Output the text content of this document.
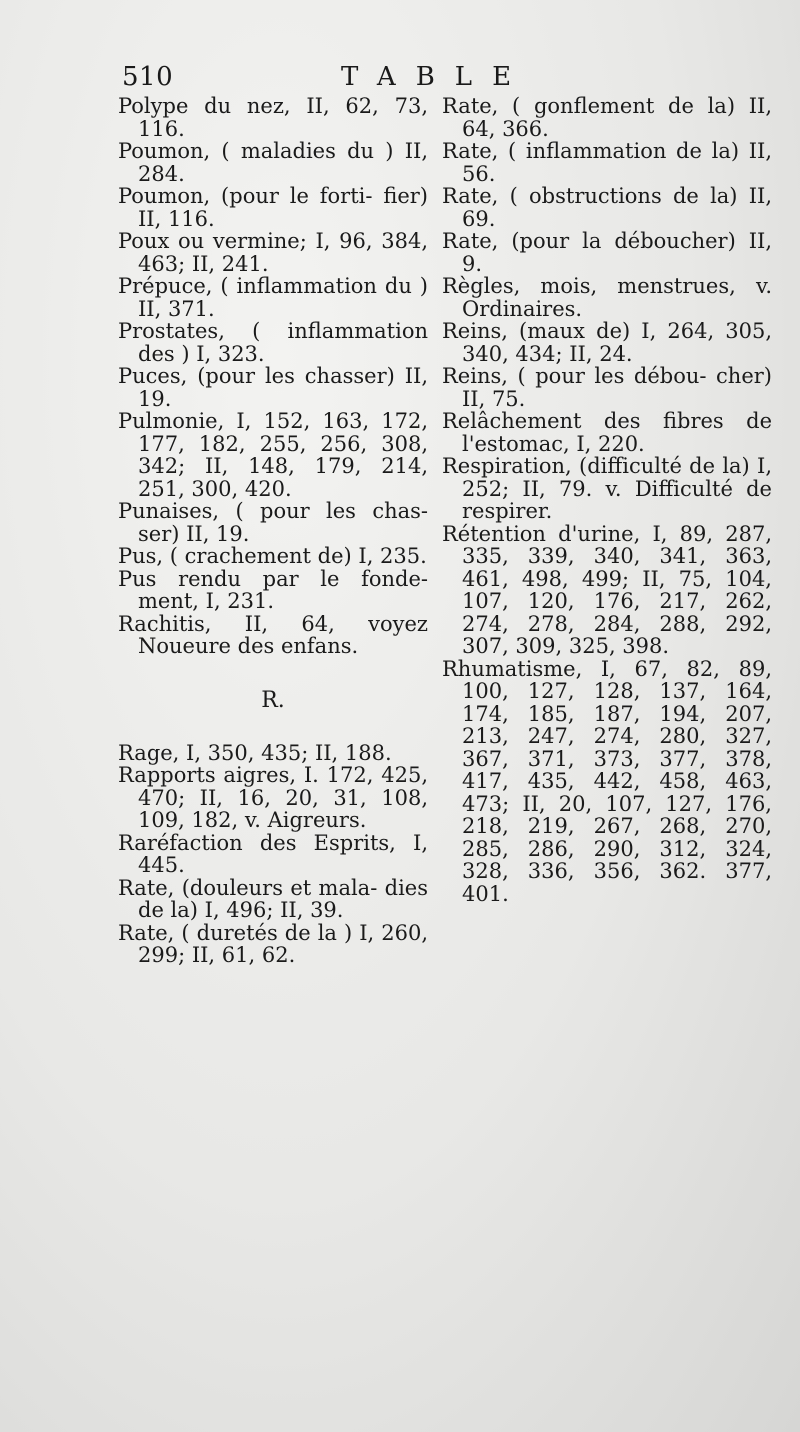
510	TABLE

Polype du nez, II, 62, 73, 116.

Poumon, ( maladies du ) II, 284.

Poumon, (pour le forti- fier) II, 116.

Poux ou vermine; I, 96, 384, 463; II, 241.

Prépuce, ( inflammation du ) II, 371.

Prostates, ( inflammation des ) I, 323.

Puces, (pour les chasser) II, 19.

Pulmonie, I, 152, 163, 172, 177, 182, 255, 256, 308, 342; II, 148, 179, 214, 251, 300, 420.

Punaises, ( pour les chas- ser) II, 19.

Pus, ( crachement de) I, 235.

Pus rendu par le fonde- ment, I, 231.

Rachitis, II, 64, voyez Noueure des enfans.

R.

Rage, I, 350, 435; II, 188.

Rapports aigres, I. 172, 425, 470; II, 16, 20, 31, 108, 109, 182, v. Aigreurs.

Raréfaction des Esprits, I, 445.

Rate, (douleurs et mala- dies de la) I, 496; II, 39.

Rate, ( duretés de la ) I, 260, 299; II, 61, 62.

Rate, ( gonflement de la) II, 64, 366.

Rate, ( inflammation de la) II, 56.

Rate, ( obstructions de la) II, 69.

Rate, (pour la déboucher) II, 9.

Règles, mois, menstrues, v. Ordinaires.

Reins, (maux de) I, 264, 305, 340, 434; II, 24.

Reins, ( pour les débou- cher) II, 75.

Relâchement des fibres de l'estomac, I, 220.

Respiration, (difficulté de la) I, 252; II, 79. v. Difficulté de respirer.

Rétention d'urine, I, 89, 287, 335, 339, 340, 341, 363, 461, 498, 499; II, 75, 104, 107, 120, 176, 217, 262, 274, 278, 284, 288, 292, 307, 309, 325, 398.

Rhumatisme, I, 67, 82, 89, 100, 127, 128, 137, 164, 174, 185, 187, 194, 207, 213, 247, 274, 280, 327, 367, 371, 373, 377, 378, 417, 435, 442, 458, 463, 473; II, 20, 107, 127, 176, 218, 219, 267, 268, 270, 285, 286, 290, 312, 324, 328, 336, 356, 362. 377, 401.
